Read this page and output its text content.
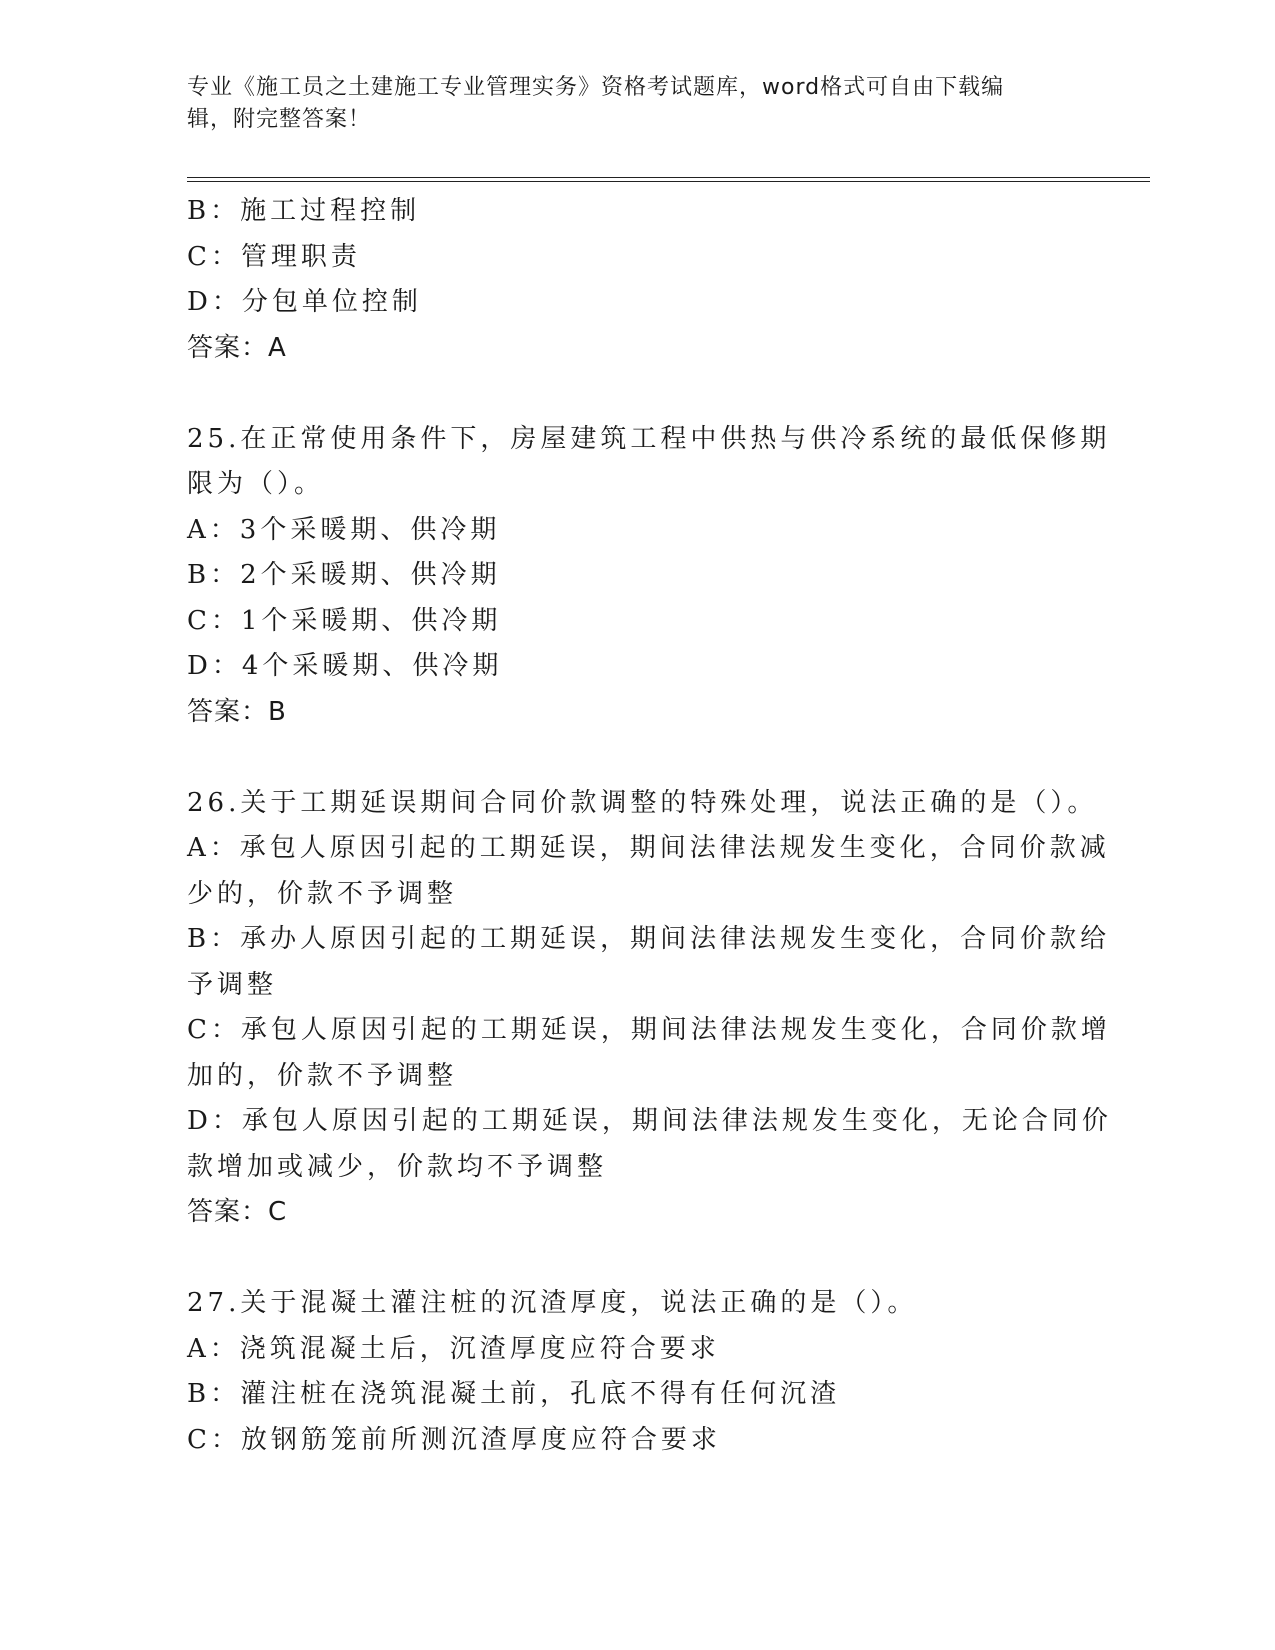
专业《施工员之土建施工专业管理实务》资格考试题库，word格式可自由下载编
辑，附完整答案！
B：施工过程控制
C：管理职责
D：分包单位控制
答案：A
25.在正常使用条件下，房屋建筑工程中供热与供冷系统的最低保修期
限为（）。
A：3个采暖期、供冷期
B：2个采暖期、供冷期
C：1个采暖期、供冷期
D：4个采暖期、供冷期
答案：B
26.关于工期延误期间合同价款调整的特殊处理，说法正确的是（）。
A：承包人原因引起的工期延误，期间法律法规发生变化，合同价款减
少的，价款不予调整
B：承办人原因引起的工期延误，期间法律法规发生变化，合同价款给
予调整
C：承包人原因引起的工期延误，期间法律法规发生变化，合同价款增
加的，价款不予调整
D：承包人原因引起的工期延误，期间法律法规发生变化，无论合同价
款增加或减少，价款均不予调整
答案：C
27.关于混凝土灌注桩的沉渣厚度，说法正确的是（）。
A：浇筑混凝土后，沉渣厚度应符合要求
B：灌注桩在浇筑混凝土前，孔底不得有任何沉渣
C：放钢筋笼前所测沉渣厚度应符合要求
